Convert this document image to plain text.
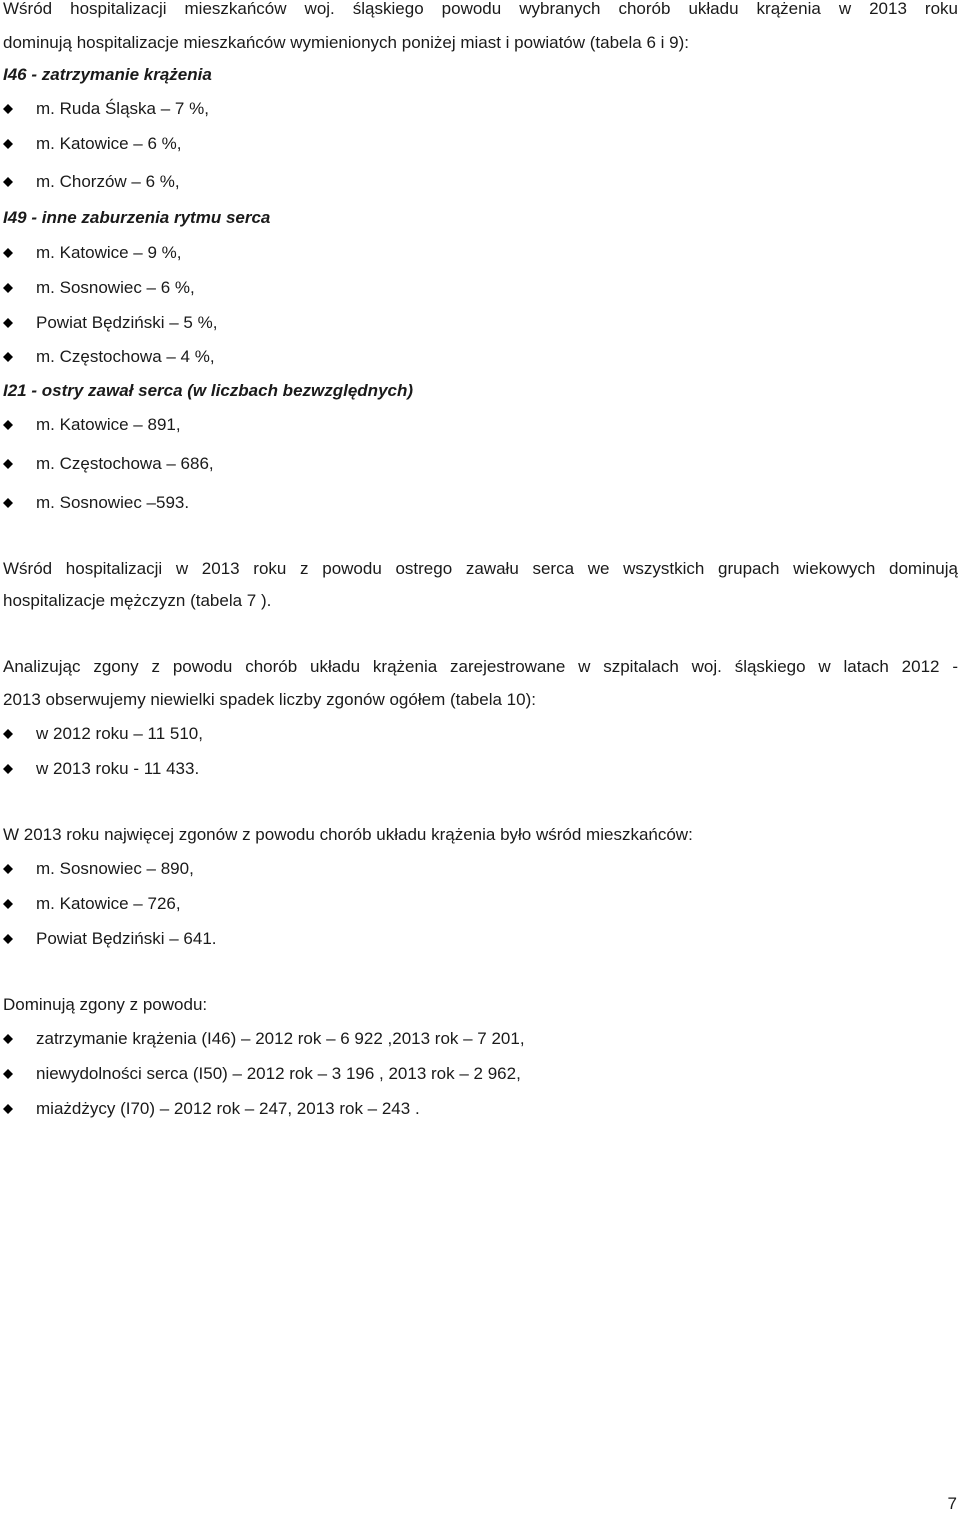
Wśród hospitalizacji mieszkańców woj. śląskiego powodu wybranych chorób układu krążenia w 2013 roku
dominują hospitalizacje mieszkańców wymienionych poniżej miast i powiatów (tabela 6 i 9):
I46 - zatrzymanie krążenia
m. Ruda Śląska – 7 %,
m. Katowice – 6 %,
m. Chorzów – 6 %,
I49 - inne zaburzenia rytmu serca
m. Katowice – 9 %,
m. Sosnowiec – 6 %,
Powiat Będziński – 5 %,
m. Częstochowa – 4 %,
I21 - ostry zawał serca (w liczbach bezwzględnych)
m. Katowice – 891,
m. Częstochowa – 686,
m. Sosnowiec –593.
Wśród hospitalizacji w 2013 roku z powodu ostrego zawału serca we wszystkich grupach wiekowych dominują
hospitalizacje mężczyzn (tabela 7 ).
Analizując zgony z powodu chorób układu krążenia zarejestrowane w szpitalach woj. śląskiego w latach 2012 -
2013 obserwujemy niewielki spadek liczby zgonów ogółem (tabela 10):
w 2012 roku – 11 510,
w 2013 roku - 11 433.
W 2013 roku najwięcej zgonów z powodu chorób układu krążenia było wśród mieszkańców:
m. Sosnowiec – 890,
m. Katowice – 726,
Powiat Będziński – 641.
Dominują zgony z powodu:
zatrzymanie krążenia (I46) – 2012 rok – 6 922 ,2013 rok – 7 201,
niewydolności serca (I50) – 2012 rok – 3 196 , 2013 rok – 2 962,
miażdżycy (I70) – 2012 rok – 247, 2013 rok – 243 .
7
